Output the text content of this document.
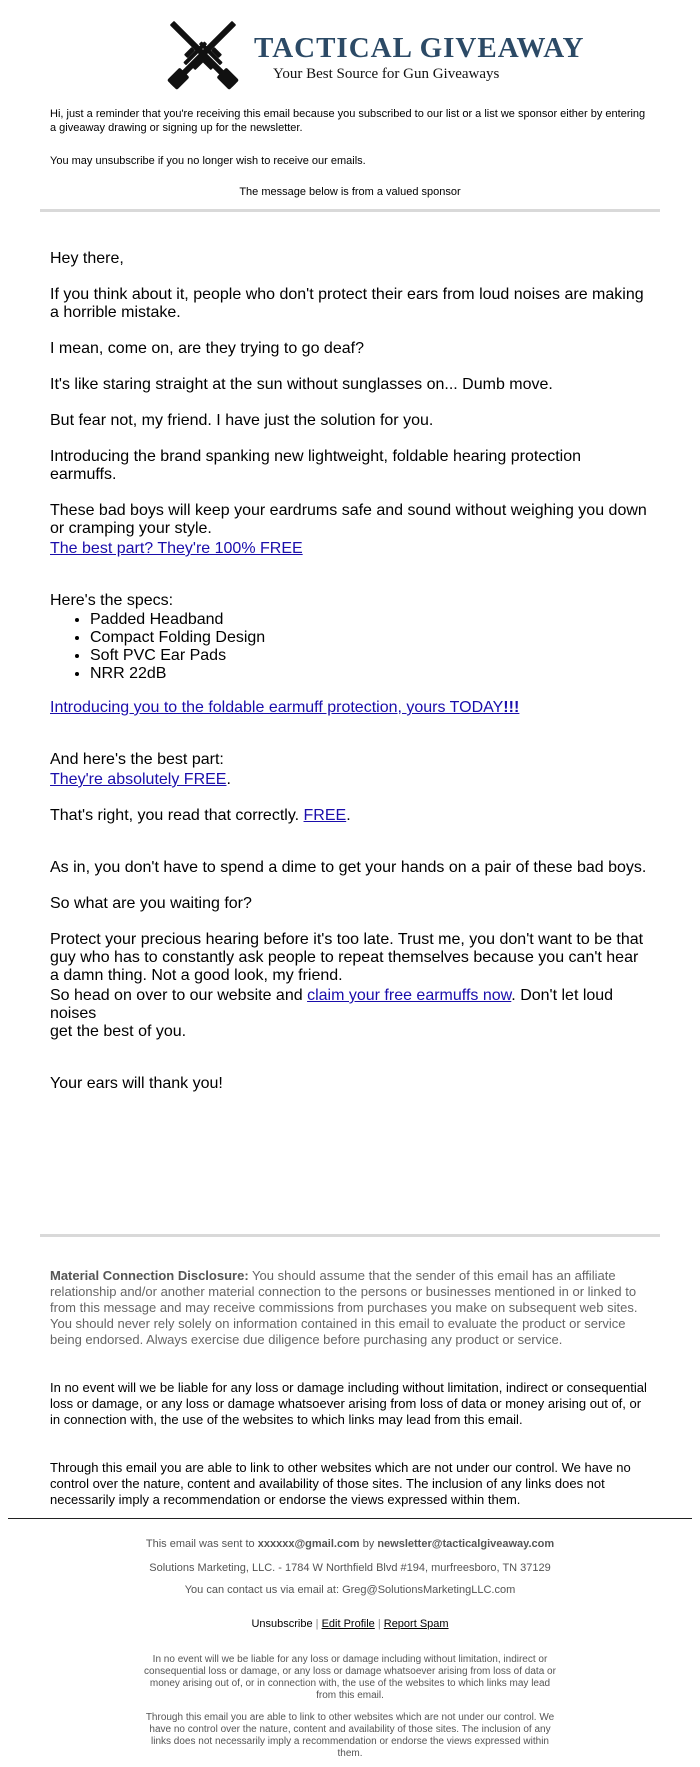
TACTICAL GIVEAWAY
Your Best Source for Gun Giveaways
Hi, just a reminder that you're receiving this email because you subscribed to our list or a list we sponsor either by entering a giveaway drawing or signing up for the newsletter.
You may unsubscribe if you no longer wish to receive our emails.
The message below is from a valued sponsor

Hey there,

If you think about it, people who don't protect their ears from loud noises are making a horrible mistake.

I mean, come on, are they trying to go deaf?

It's like staring straight at the sun without sunglasses on... Dumb move.

But fear not, my friend. I have just the solution for you.

Introducing the brand spanking new lightweight, foldable hearing protection earmuffs.

These bad boys will keep your eardrums safe and sound without weighing you down or cramping your style.

The best part? They're 100% FREE

Here's the specs:

• Padded Headband
• Compact Folding Design
• Soft PVC Ear Pads
• NRR 22dB
Introducing you to the foldable earmuff protection, yours TODAY!!!

And here's the best part:

They're absolutely FREE.
That's right, you read that correctly. FREE.

As in, you don't have to spend a dime to get your hands on a pair of these bad boys.

So what are you waiting for?

Protect your precious hearing before it's too late. Trust me, you don't want to be that guy who has to constantly ask people to repeat themselves because you can't hear a damn thing. Not a good look, my friend.

So head on over to our website and claim your free earmuffs now. Don't let loud noises
get the best of you.

Your ears will thank you!

Material Connection Disclosure: You should assume that the sender of this email has an affiliate relationship and/or another material connection to the persons or businesses mentioned in or linked to from this message and may receive commissions from purchases you make on subsequent web sites. You should never rely solely on information contained in this email to evaluate the product or service being endorsed. Always exercise due diligence before purchasing any product or service.
In no event will we be liable for any loss or damage including without limitation, indirect or consequential loss or damage, or any loss or damage whatsoever arising from loss of data or money arising out of, or in connection with, the use of the websites to which links may lead from this email.
Through this email you are able to link to other websites which are not under our control. We have no control over the nature, content and availability of those sites. The inclusion of any links does not necessarily imply a recommendation or endorse the views expressed within them.
This email was sent to xxxxxx@gmail.com by newsletter@tacticalgiveaway.com
Solutions Marketing, LLC. - 1784 W Northfield Blvd #194, murfreesboro, TN 37129
You can contact us via email at: Greg@SolutionsMarketingLLC.com
Unsubscribe | Edit Profile | Report Spam
In no event will we be liable for any loss or damage including without limitation, indirect or consequential loss or damage, or any loss or damage whatsoever arising from loss of data or money arising out of, or in connection with, the use of the websites to which links may lead from this email.
Through this email you are able to link to other websites which are not under our control. We have no control over the nature, content and availability of those sites. The inclusion of any links does not necessarily imply a recommendation or endorse the views expressed within them.
